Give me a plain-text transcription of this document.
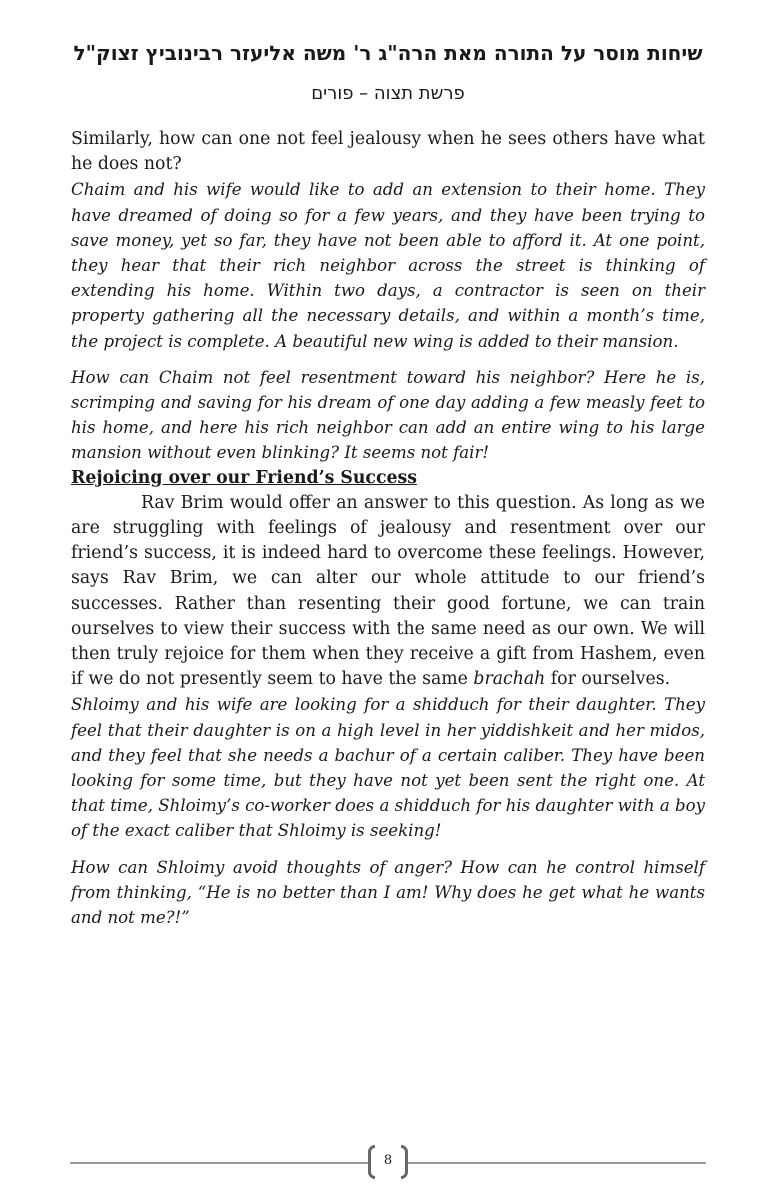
שיחות מוסר על התורה מאת הרה"ג ר' משה אליעזר רבינוביץ זצוק"ל
פרשת תצוה – פורים

Similarly, how can one not feel jealousy when he sees others have what he does not?

Chaim and his wife would like to add an extension to their home. They have dreamed of doing so for a few years, and they have been trying to save money, yet so far, they have not been able to afford it. At one point, they hear that their rich neighbor across the street is thinking of extending his home. Within two days, a contractor is seen on their property gathering all the necessary details, and within a month’s time, the project is complete. A beautiful new wing is added to their mansion.

How can Chaim not feel resentment toward his neighbor? Here he is, scrimping and saving for his dream of one day adding a few measly feet to his home, and here his rich neighbor can add an entire wing to his large mansion without even blinking? It seems not fair!

Rejoicing over our Friend’s Success

Rav Brim would offer an answer to this question. As long as we are struggling with feelings of jealousy and resentment over our friend’s success, it is indeed hard to overcome these feelings. However, says Rav Brim, we can alter our whole attitude to our friend’s successes. Rather than resenting their good fortune, we can train ourselves to view their success with the same need as our own. We will then truly rejoice for them when they receive a gift from Hashem, even if we do not presently seem to have the same brachah for ourselves.

Shloimy and his wife are looking for a shidduch for their daughter. They feel that their daughter is on a high level in her yiddishkeit and her midos, and they feel that she needs a bachur of a certain caliber. They have been looking for some time, but they have not yet been sent the right one. At that time, Shloimy’s co-worker does a shidduch for his daughter with a boy of the exact caliber that Shloimy is seeking!

How can Shloimy avoid thoughts of anger? How can he control himself from thinking, “He is no better than I am! Why does he get what he wants and not me?!”

8
